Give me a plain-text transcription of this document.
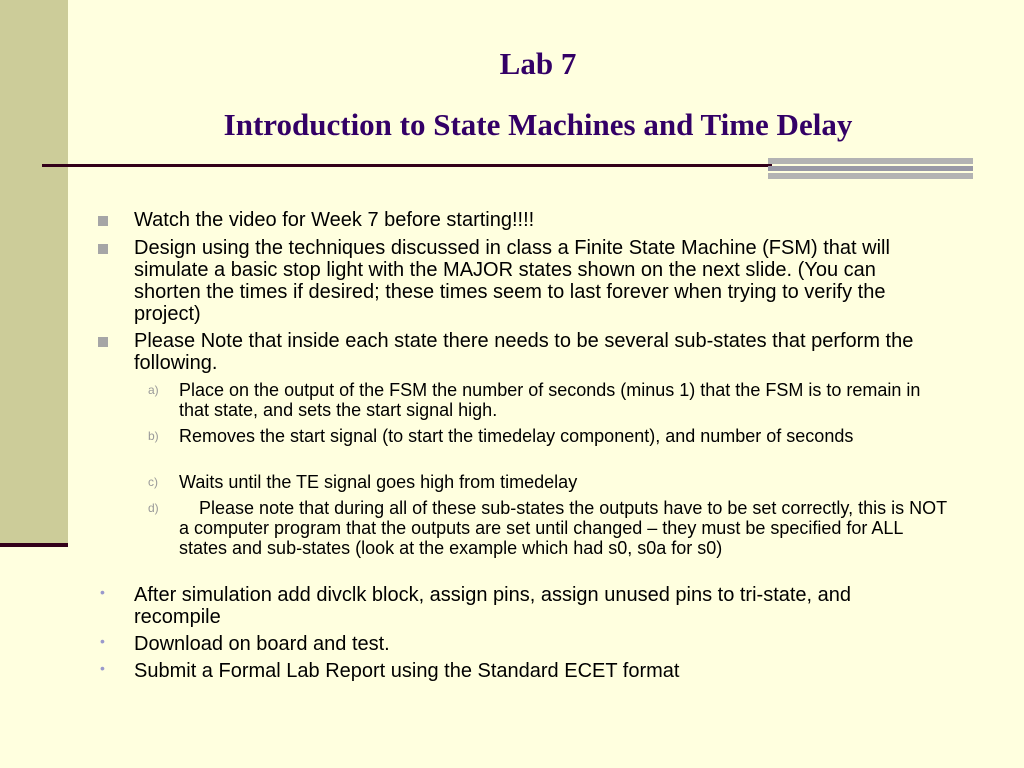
Lab 7
Introduction to State Machines and Time Delay
Watch the video for Week 7 before starting!!!!
Design using the techniques discussed in class a Finite State Machine (FSM) that will simulate a basic stop light with the MAJOR states shown on the next slide. (You can shorten the times if desired; these times seem to last forever when trying to verify the project)
Please Note that inside each state there needs to be several sub-states that perform the following.
a) Place on the output of the FSM the number of seconds (minus 1) that the FSM is to remain in that state, and sets the start signal high.
b) Removes the start signal (to start the timedelay component), and number of seconds
c) Waits until the TE signal goes high from timedelay
d) Please note that during all of these sub-states the outputs have to be set correctly, this is NOT a computer program that the outputs are set until changed – they must be specified for ALL states and sub-states (look at the example which had s0, s0a for s0)
• After simulation add divclk block, assign pins, assign unused pins to tri-state, and recompile
• Download on board and test.
• Submit a Formal Lab Report using the Standard ECET format
